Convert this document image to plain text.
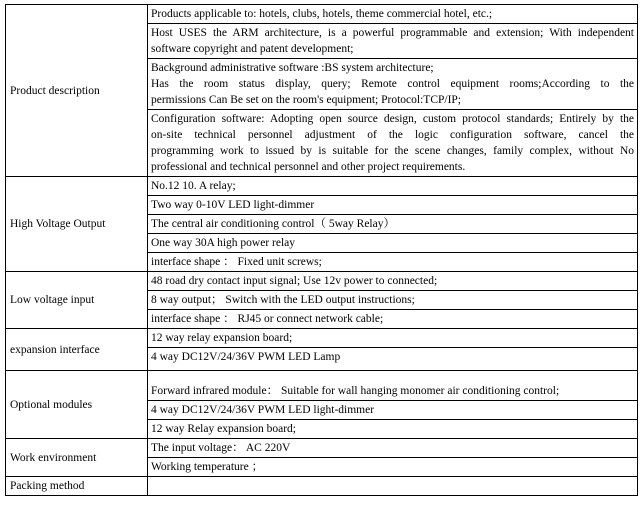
Product description	Products applicable to: hotels, clubs, hotels, theme commercial hotel, etc.;

	Host USES the ARM architecture, is a powerful programmable and extension; With independent
software copyright and patent development;

	Background administrative software :BS system architecture;
Has the room status display, query; Remote control equipment rooms;According to the
permissions Can Be set on the room's equipment; Protocol:TCP/IP;

	Configuration software: Adopting open source design, custom protocol standards; Entirely by the
on-site technical personnel adjustment of the logic configuration software, cancel the
programming work to issued by is suitable for the scene changes, family complex, without No
professional and technical personnel and other project requirements.

High Voltage Output	No.12 10. A relay;
	Two way 0-10V LED light-dimmer
	The central air conditioning control（ 5way Relay）
	One way 30A high power relay
	interface shape ： Fixed unit screws;
Low voltage input	48 road dry contact input signal; Use 12v power to connected;
	8 way output； Switch with the LED output instructions;
	interface shape ： RJ45 or connect network cable;
expansion interface	12 way relay expansion board;
	4 way DC12V/24/36V PWM LED Lamp
Optional modules	Forward infrared module： Suitable for wall hanging monomer air conditioning control;
	4 way DC12V/24/36V PWM LED light-dimmer
	12 way Relay expansion board;
Work environment	The input voltage： AC 220V
	Working temperature ；
Packing method	
